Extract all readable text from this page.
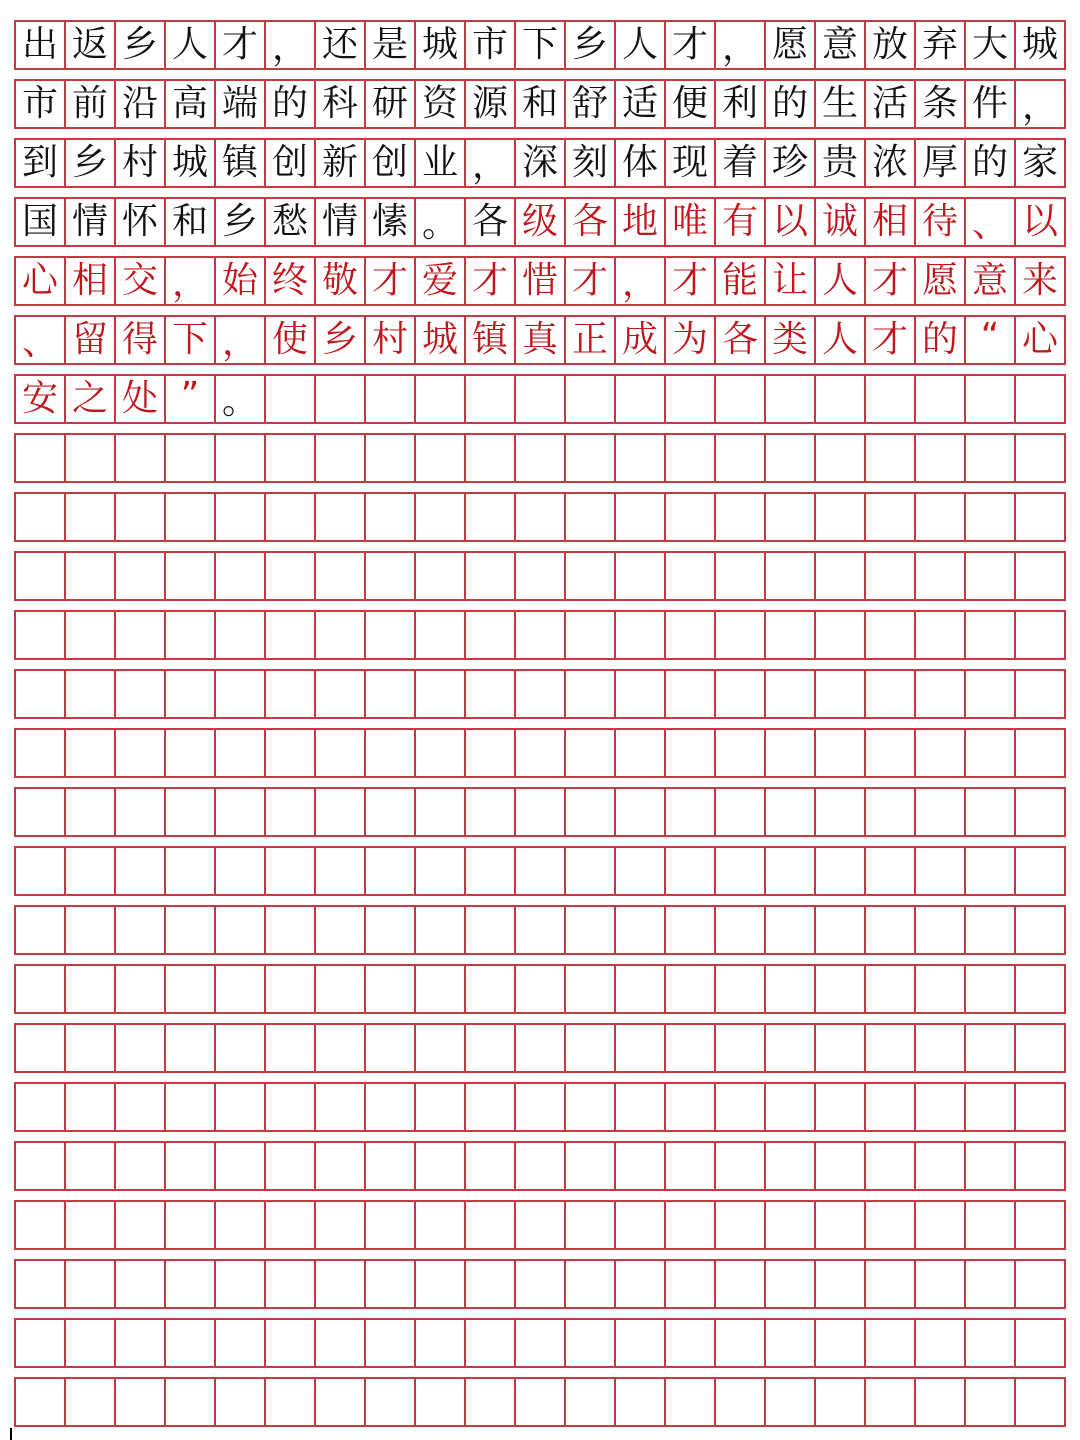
出 返 乡 人 才 ， 还 是 城 市 下 乡 人 才 ， 愿 意 放 弃 大 城
市 前 沿 高 端 的 科 研 资 源 和 舒 适 便 利 的 生 活 条 件 ，
到 乡 村 城 镇 创 新 创 业 ， 深 刻 体 现 着 珍 贵 浓 厚 的 家
国 情 怀 和 乡 愁 情 愫 。 各 级 各 地 唯 有 以 诚 相 待 、 以
心 相 交 ， 始 终 敬 才 爱 才 惜 才 ， 才 能 让 人 才 愿 意 来
、 留 得 下 ， 使 乡 村 城 镇 真 正 成 为 各 类 人 才 的 “ 心
安 之 处 ” 。
